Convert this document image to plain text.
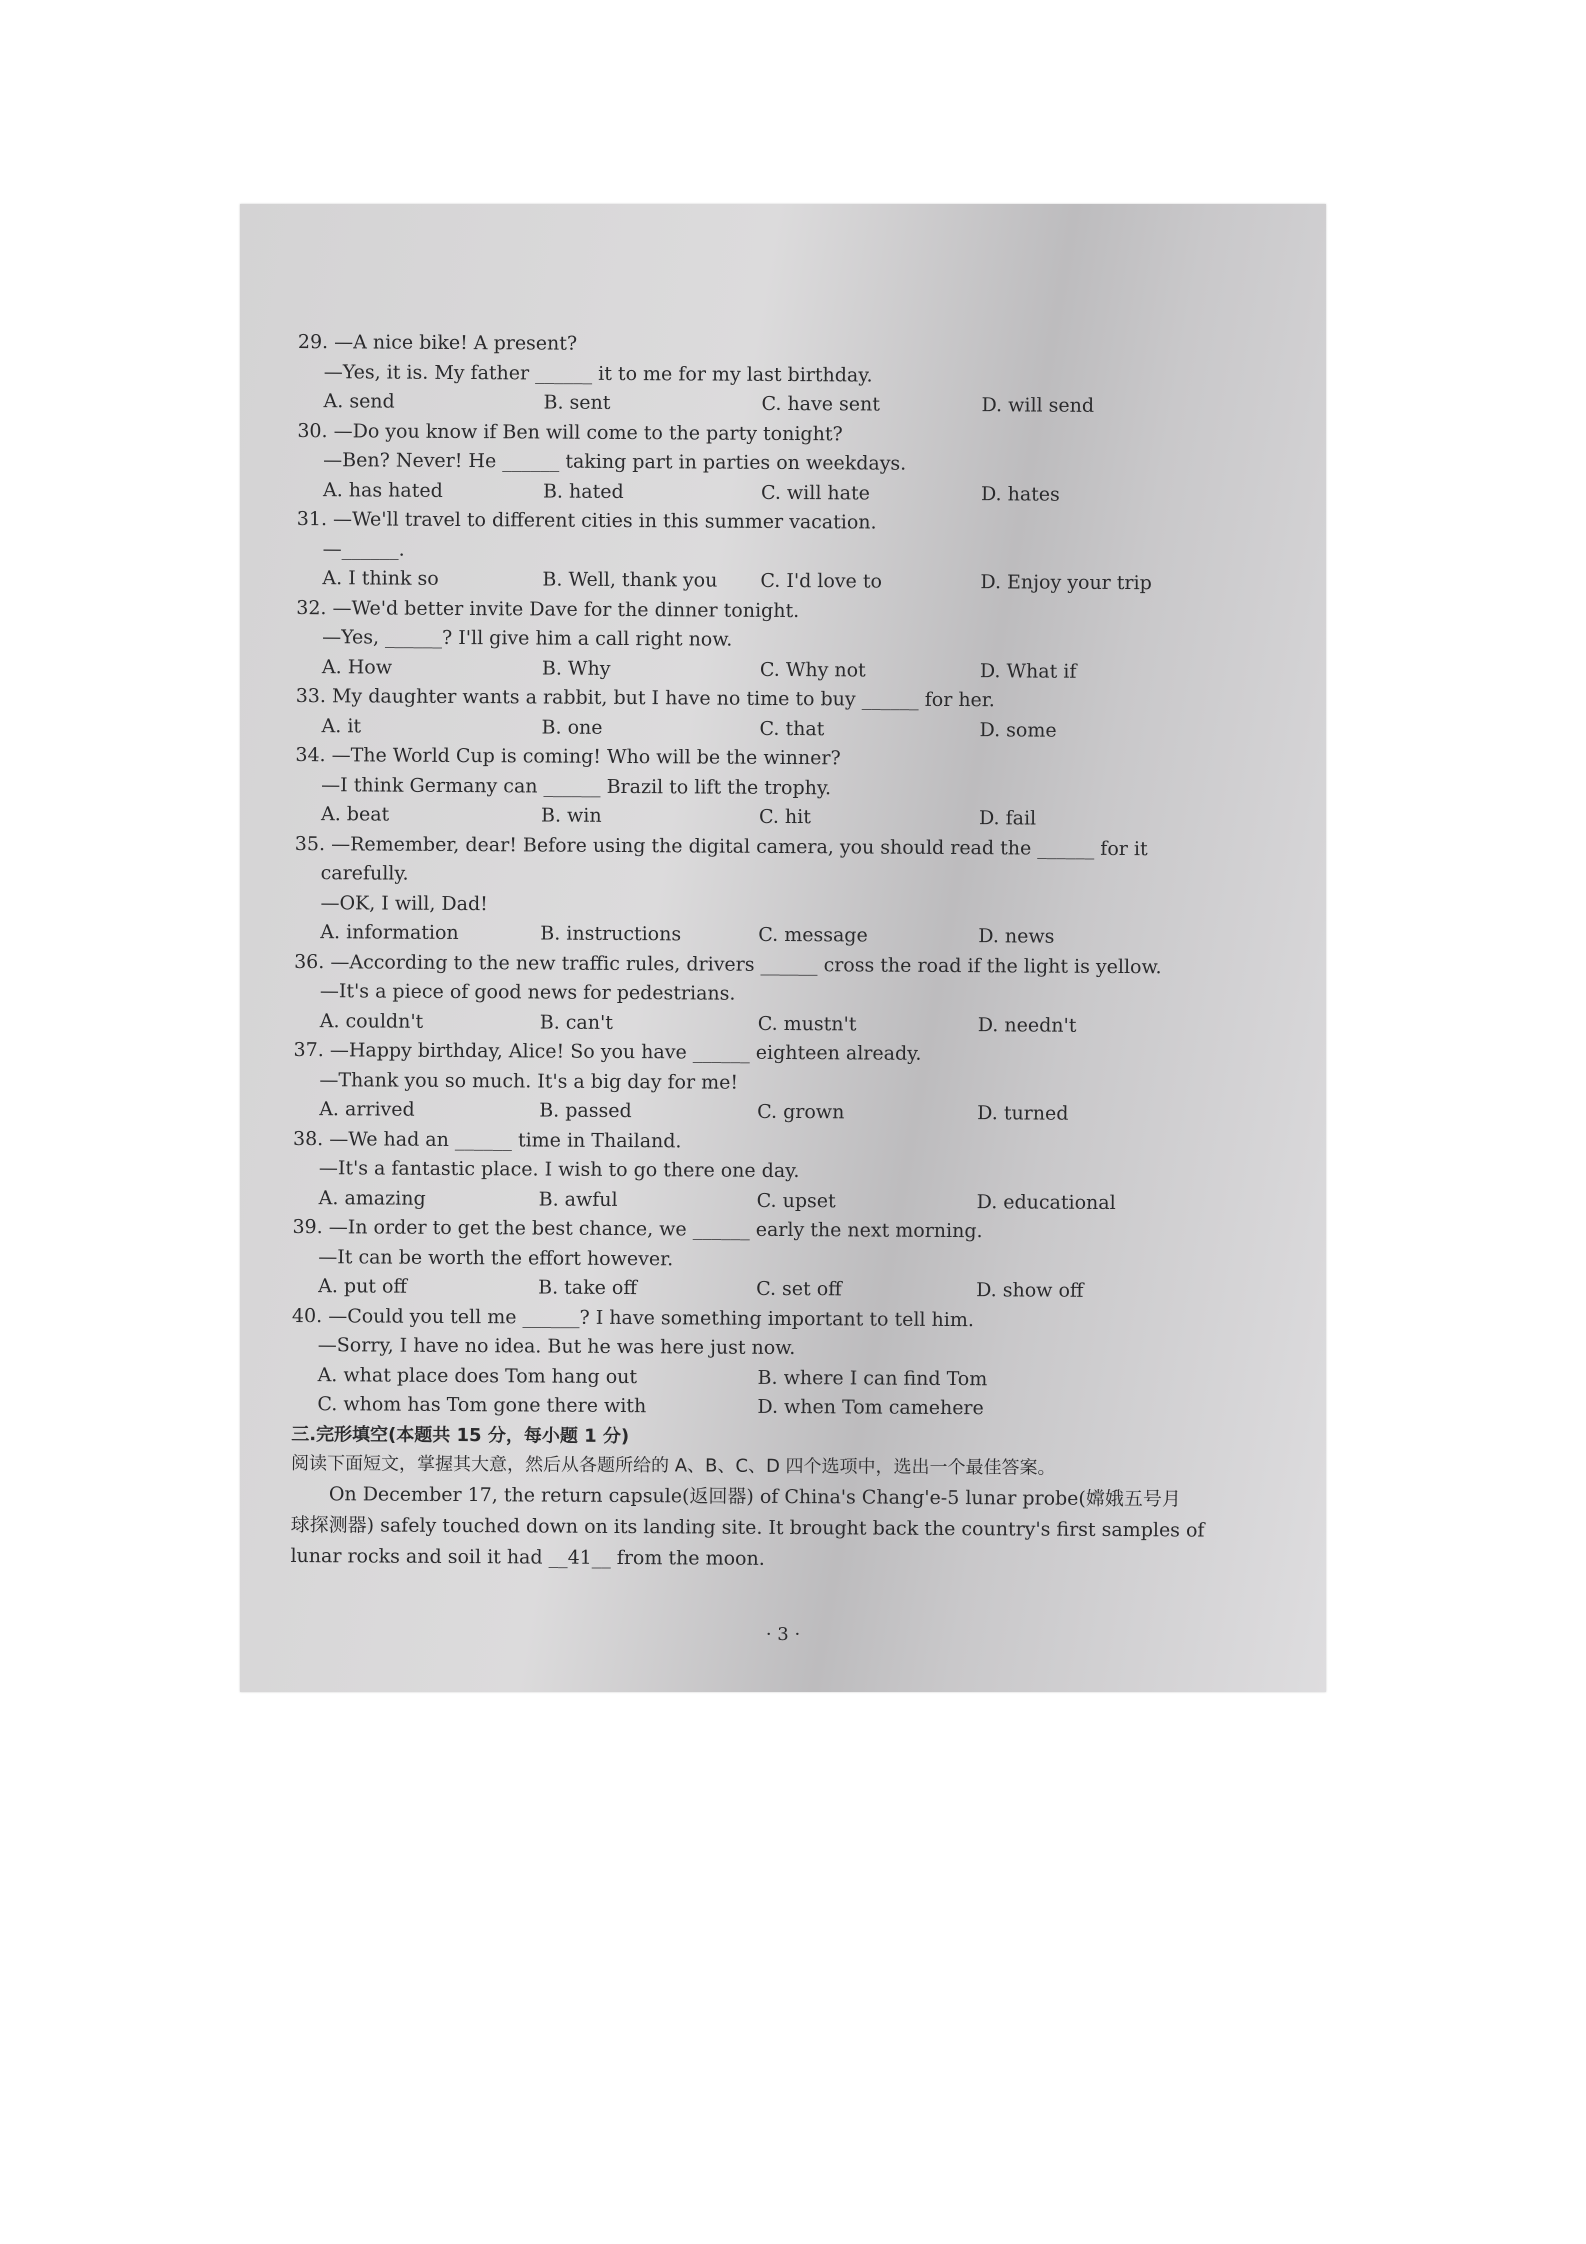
29. —A nice bike! A present?
—Yes, it is. My father ______ it to me for my last birthday.
A. send	B. sent	C. have sent	D. will send
30. —Do you know if Ben will come to the party tonight?
—Ben? Never! He ______ taking part in parties on weekdays.
A. has hated	B. hated	C. will hate	D. hates
31. —We'll travel to different cities in this summer vacation.
—______.
A. I think so	B. Well, thank you C. I'd love to	D. Enjoy your trip
32. —We'd better invite Dave for the dinner tonight.
—Yes, ______? I'll give him a call right now.
A. How	B. Why	C. Why not	D. What if
33. My daughter wants a rabbit, but I have no time to buy ______ for her.
A. it	B. one	C. that	D. some
34. —The World Cup is coming! Who will be the winner?
—I think Germany can ______ Brazil to lift the trophy.
A. beat	B. win	C. hit	D. fail
35. —Remember, dear! Before using the digital camera, you should read the ______ for it
carefully.
—OK, I will, Dad!
A. information	B. instructions	C. message	D. news
36. —According to the new traffic rules, drivers ______ cross the road if the light is yellow.
—It's a piece of good news for pedestrians.
A. couldn't	B. can't	C. mustn't	D. needn't
37. —Happy birthday, Alice! So you have ______ eighteen already.
—Thank you so much. It's a big day for me!
A. arrived	B. passed	C. grown	D. turned
38. —We had an ______ time in Thailand.
—It's a fantastic place. I wish to go there one day.
A. amazing	B. awful	C. upset	D. educational
39. —In order to get the best chance, we ______ early the next morning.
—It can be worth the effort however.
A. put off	B. take off	C. set off	D. show off
40. —Could you tell me ______? I have something important to tell him.
—Sorry, I have no idea. But he was here just now.
A. what place does Tom hang out	B. where I can find Tom
C. whom has Tom gone there with	D. when Tom camehere
三.完形填空(本题共 15 分，每小题 1 分)
阅读下面短文，掌握其大意，然后从各题所给的 A、B、C、D 四个选项中，选出一个最佳答案。
On December 17, the return capsule(返回器) of China's Chang'e-5 lunar probe(嫦娥五号月
球探测器) safely touched down on its landing site. It brought back the country's first samples of
lunar rocks and soil it had __41__ from the moon.
· 3 ·
